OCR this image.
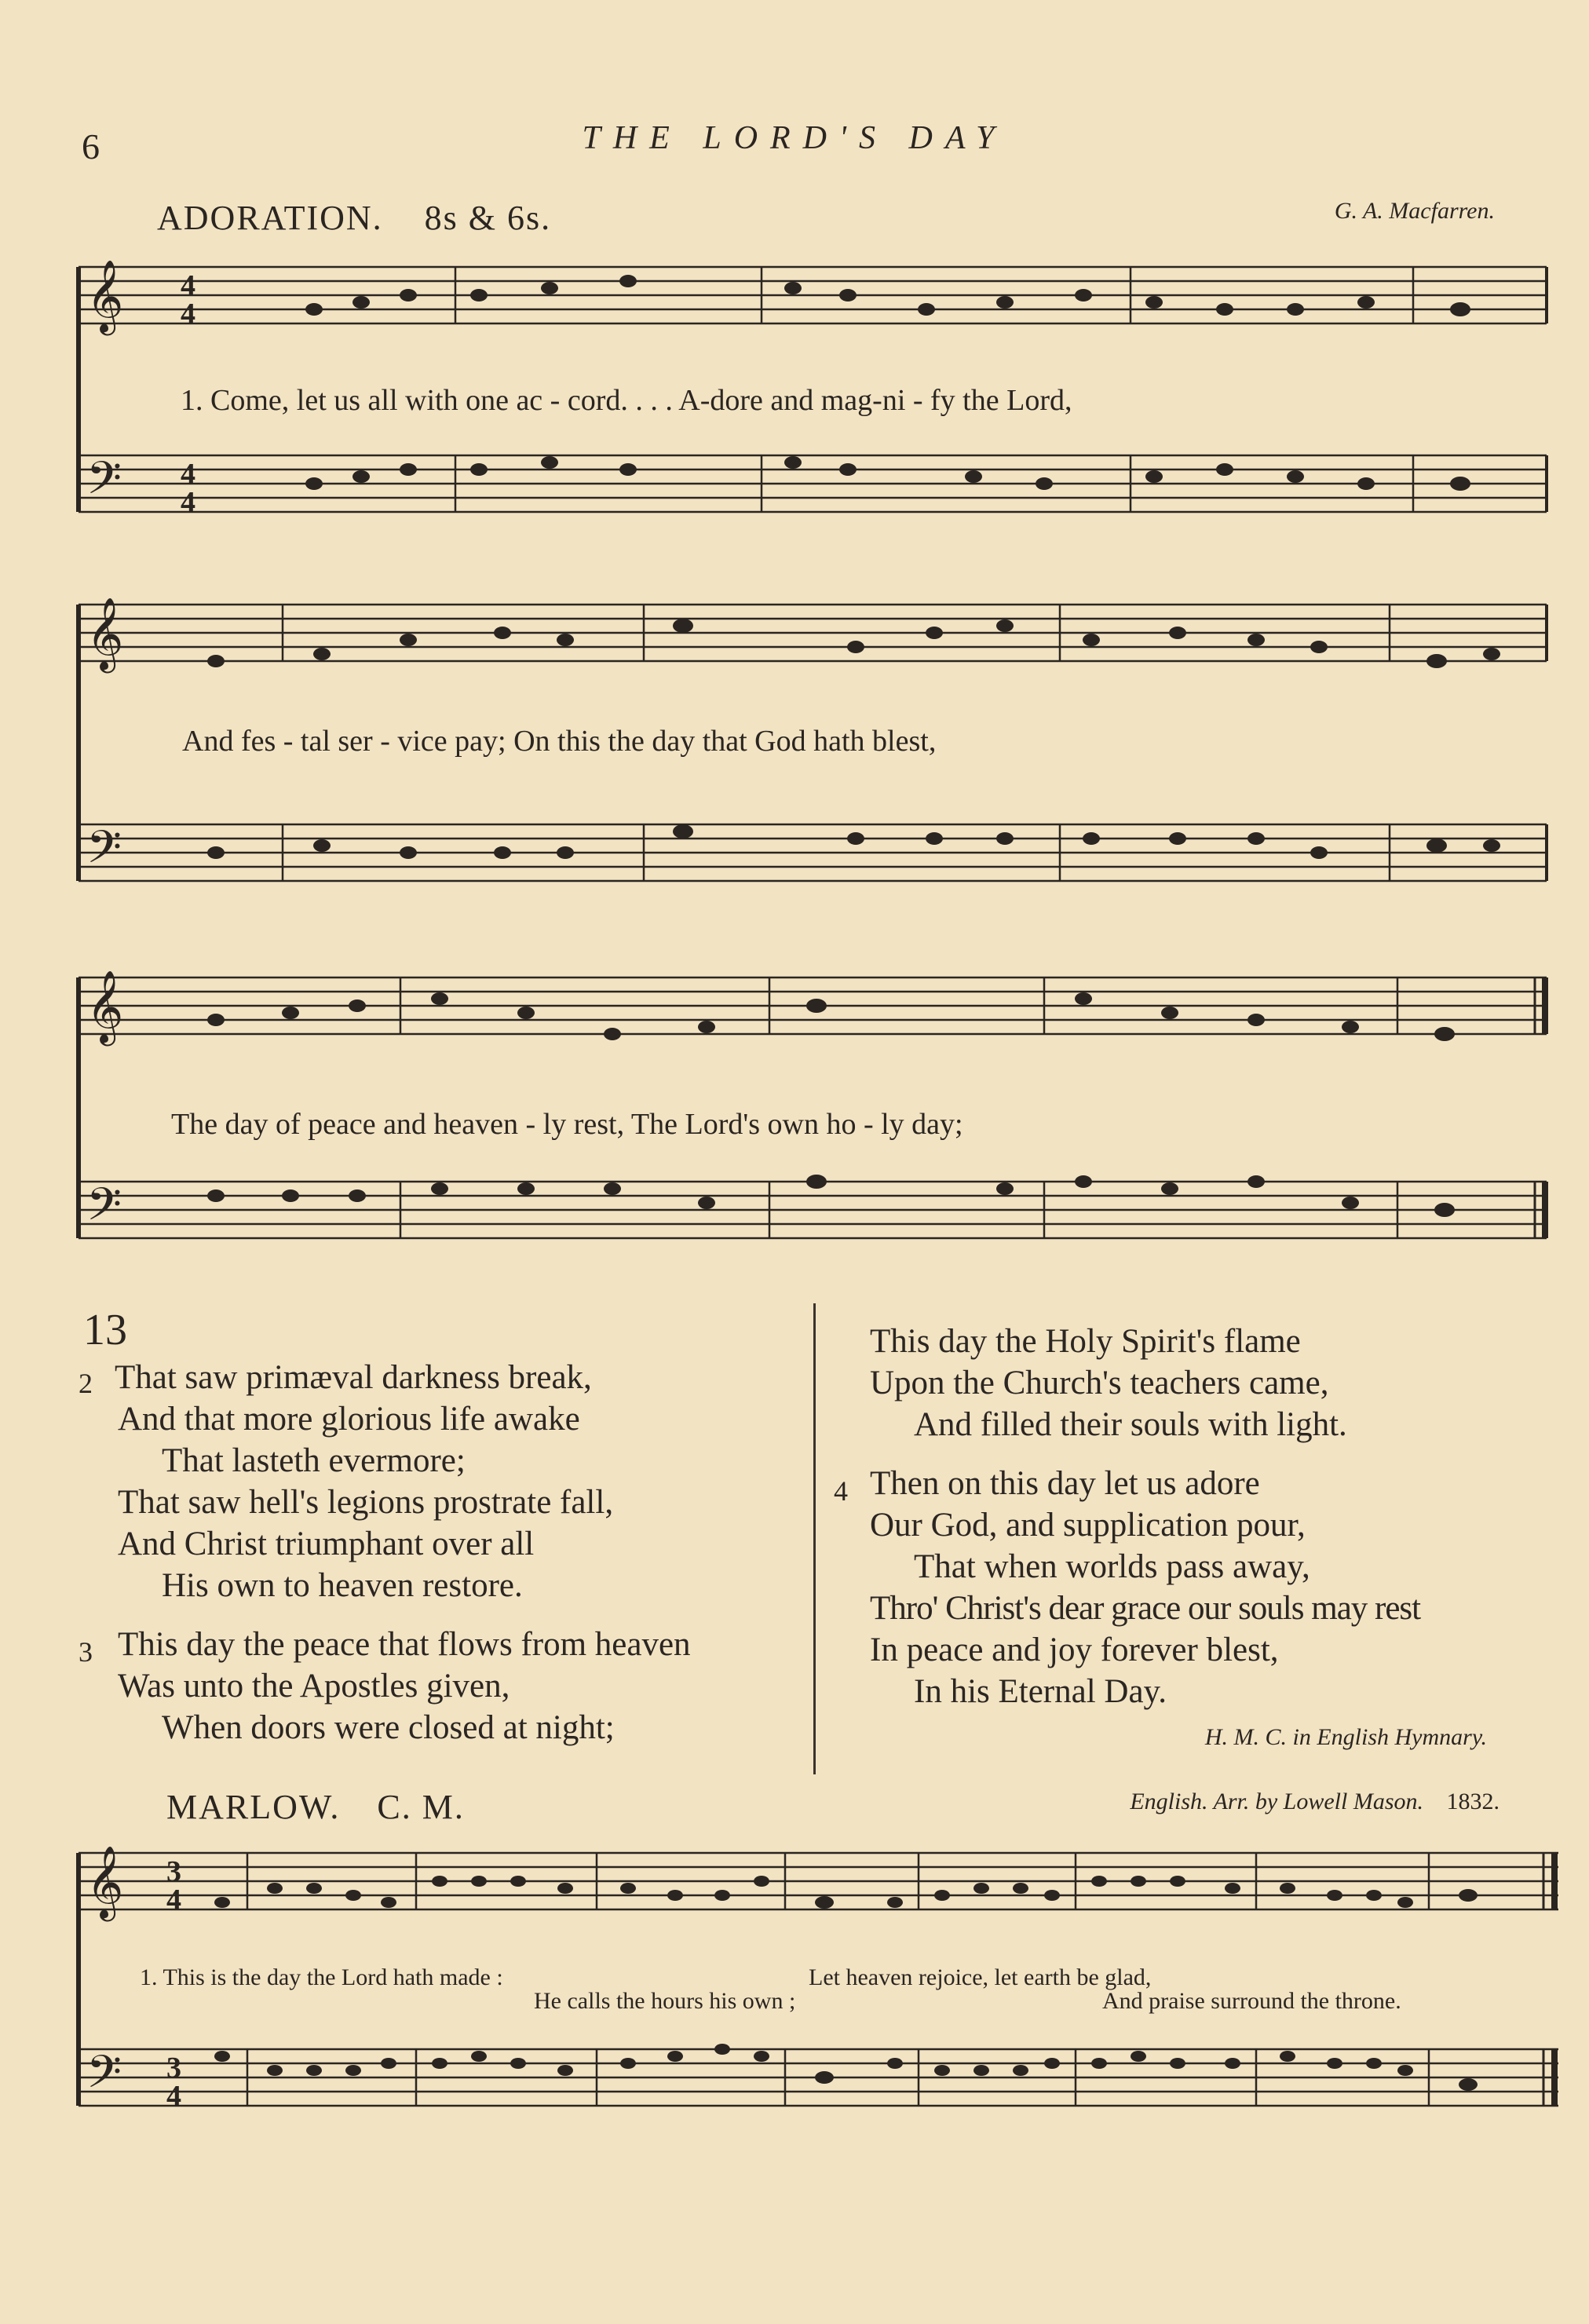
6	THE LORD'S DAY
ADORATION. 8s & 6s.	G. A. Macfarren.
𝄞
𝄢
4
4
4
4
1. Come, let us all with one ac - cord. . . . A-dore and mag-ni - fy the Lord,
𝄞
𝄢
And fes - tal ser - vice pay; On this the day that God hath blest,
𝄞
𝄢
The day of peace and heaven - ly rest, The Lord's own ho - ly day;
13
2 That saw primæval darkness break,
And that more glorious life awake
That lasteth evermore;
That saw hell's legions prostrate fall,
And Christ triumphant over all
His own to heaven restore.
3 This day the peace that flows from heaven
Was unto the Apostles given,
When doors were closed at night;
This day the Holy Spirit's flame
Upon the Church's teachers came,
And filled their souls with light.
4 Then on this day let us adore
Our God, and supplication pour,
That when worlds pass away,
Thro' Christ's dear grace our souls may rest
In peace and joy forever blest,
In his Eternal Day.
H. M. C. in English Hymnary.
MARLOW. C. M.	English. Arr. by Lowell Mason. 1832.
𝄞
𝄢
3
4
3
4
1. This is the day the Lord hath made :	Let heaven rejoice, let earth be glad,
He calls the hours his own ;	And praise surround the throne.
